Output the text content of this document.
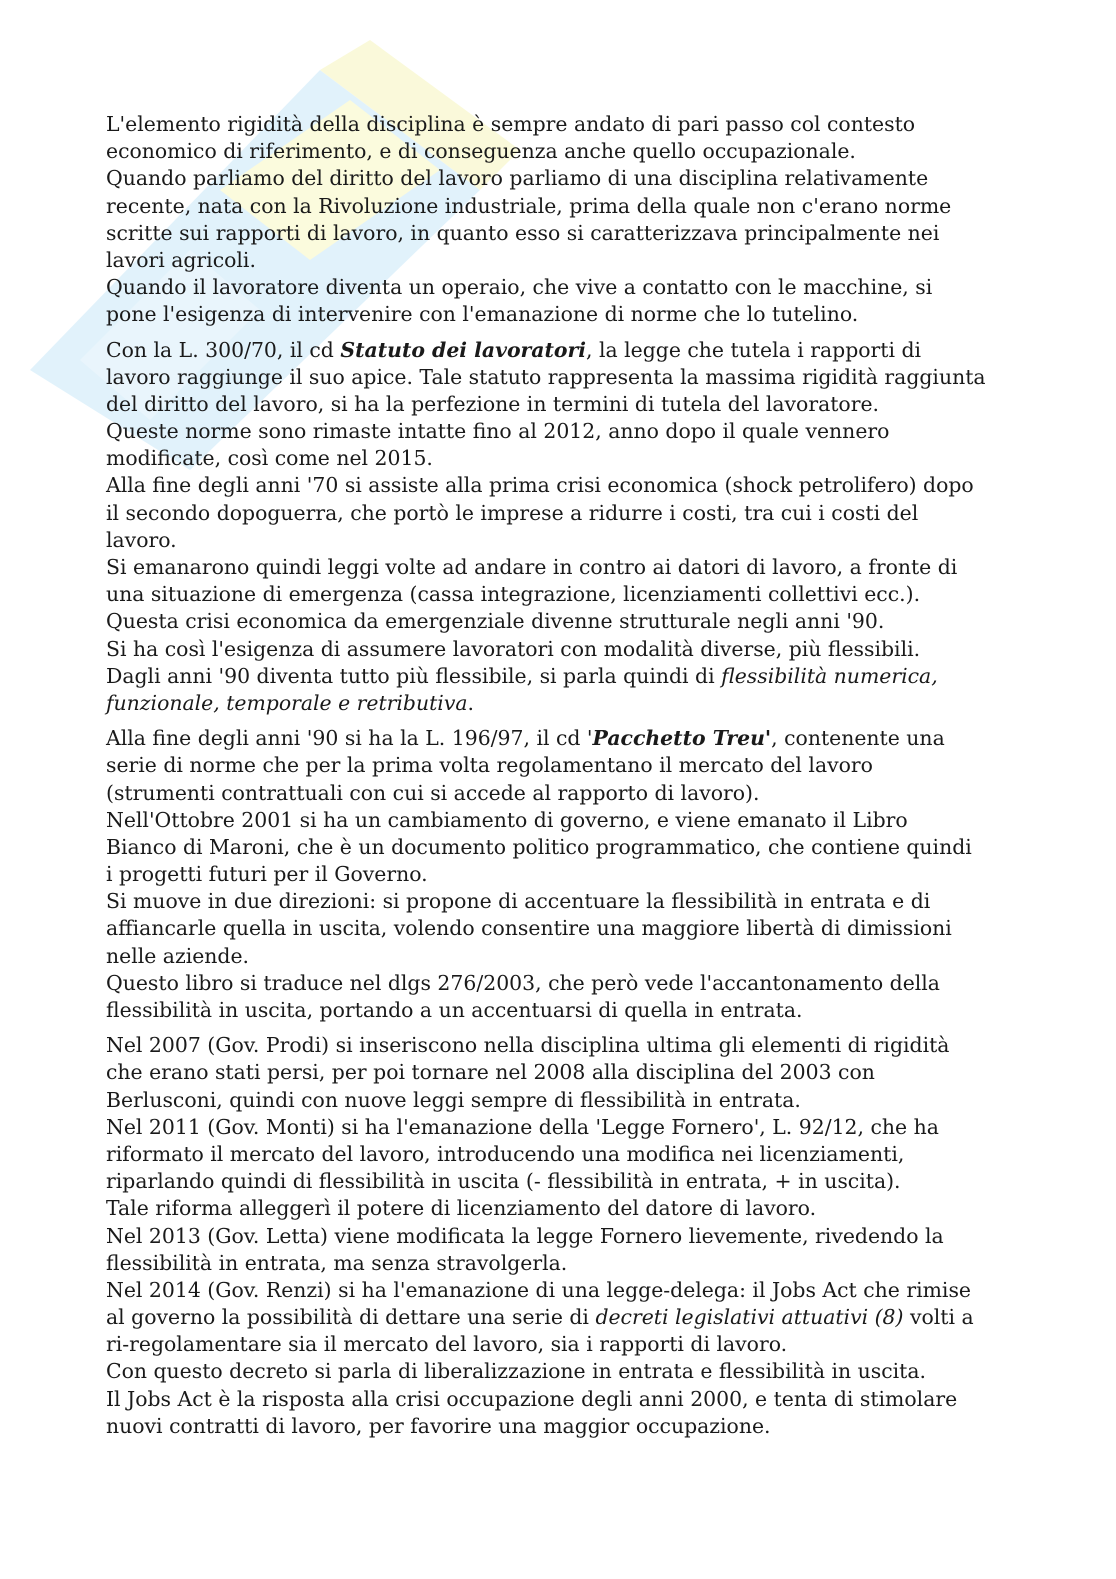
L'elemento rigidità della disciplina è sempre andato di pari passo col contesto
economico di riferimento, e di conseguenza anche quello occupazionale.
Quando parliamo del diritto del lavoro parliamo di una disciplina relativamente
recente, nata con la Rivoluzione industriale, prima della quale non c'erano norme
scritte sui rapporti di lavoro, in quanto esso si caratterizzava principalmente nei
lavori agricoli.
Quando il lavoratore diventa un operaio, che vive a contatto con le macchine, si
pone l'esigenza di intervenire con l'emanazione di norme che lo tutelino.
Con la L. 300/70, il cd Statuto dei lavoratori, la legge che tutela i rapporti di
lavoro raggiunge il suo apice. Tale statuto rappresenta la massima rigidità raggiunta
del diritto del lavoro, si ha la perfezione in termini di tutela del lavoratore.
Queste norme sono rimaste intatte fino al 2012, anno dopo il quale vennero
modificate, così come nel 2015.
Alla fine degli anni '70 si assiste alla prima crisi economica (shock petrolifero) dopo
il secondo dopoguerra, che portò le imprese a ridurre i costi, tra cui i costi del
lavoro.
Si emanarono quindi leggi volte ad andare in contro ai datori di lavoro, a fronte di
una situazione di emergenza (cassa integrazione, licenziamenti collettivi ecc.).
Questa crisi economica da emergenziale divenne strutturale negli anni '90.
Si ha così l'esigenza di assumere lavoratori con modalità diverse, più flessibili.
Dagli anni '90 diventa tutto più flessibile, si parla quindi di flessibilità numerica,
funzionale, temporale e retributiva.
Alla fine degli anni '90 si ha la L. 196/97, il cd 'Pacchetto Treu', contenente una
serie di norme che per la prima volta regolamentano il mercato del lavoro
(strumenti contrattuali con cui si accede al rapporto di lavoro).
Nell'Ottobre 2001 si ha un cambiamento di governo, e viene emanato il Libro
Bianco di Maroni, che è un documento politico programmatico, che contiene quindi
i progetti futuri per il Governo.
Si muove in due direzioni: si propone di accentuare la flessibilità in entrata e di
affiancarle quella in uscita, volendo consentire una maggiore libertà di dimissioni
nelle aziende.
Questo libro si traduce nel dlgs 276/2003, che però vede l'accantonamento della
flessibilità in uscita, portando a un accentuarsi di quella in entrata.
Nel 2007 (Gov. Prodi) si inseriscono nella disciplina ultima gli elementi di rigidità
che erano stati persi, per poi tornare nel 2008 alla disciplina del 2003 con
Berlusconi, quindi con nuove leggi sempre di flessibilità in entrata.
Nel 2011 (Gov. Monti) si ha l'emanazione della 'Legge Fornero', L. 92/12, che ha
riformato il mercato del lavoro, introducendo una modifica nei licenziamenti,
riparlando quindi di flessibilità in uscita (- flessibilità in entrata, + in uscita).
Tale riforma alleggerì il potere di licenziamento del datore di lavoro.
Nel 2013 (Gov. Letta) viene modificata la legge Fornero lievemente, rivedendo la
flessibilità in entrata, ma senza stravolgerla.
Nel 2014 (Gov. Renzi) si ha l'emanazione di una legge-delega: il Jobs Act che rimise
al governo la possibilità di dettare una serie di decreti legislativi attuativi (8) volti a
ri-regolamentare sia il mercato del lavoro, sia i rapporti di lavoro.
Con questo decreto si parla di liberalizzazione in entrata e flessibilità in uscita.
Il Jobs Act è la risposta alla crisi occupazione degli anni 2000, e tenta di stimolare
nuovi contratti di lavoro, per favorire una maggior occupazione.
